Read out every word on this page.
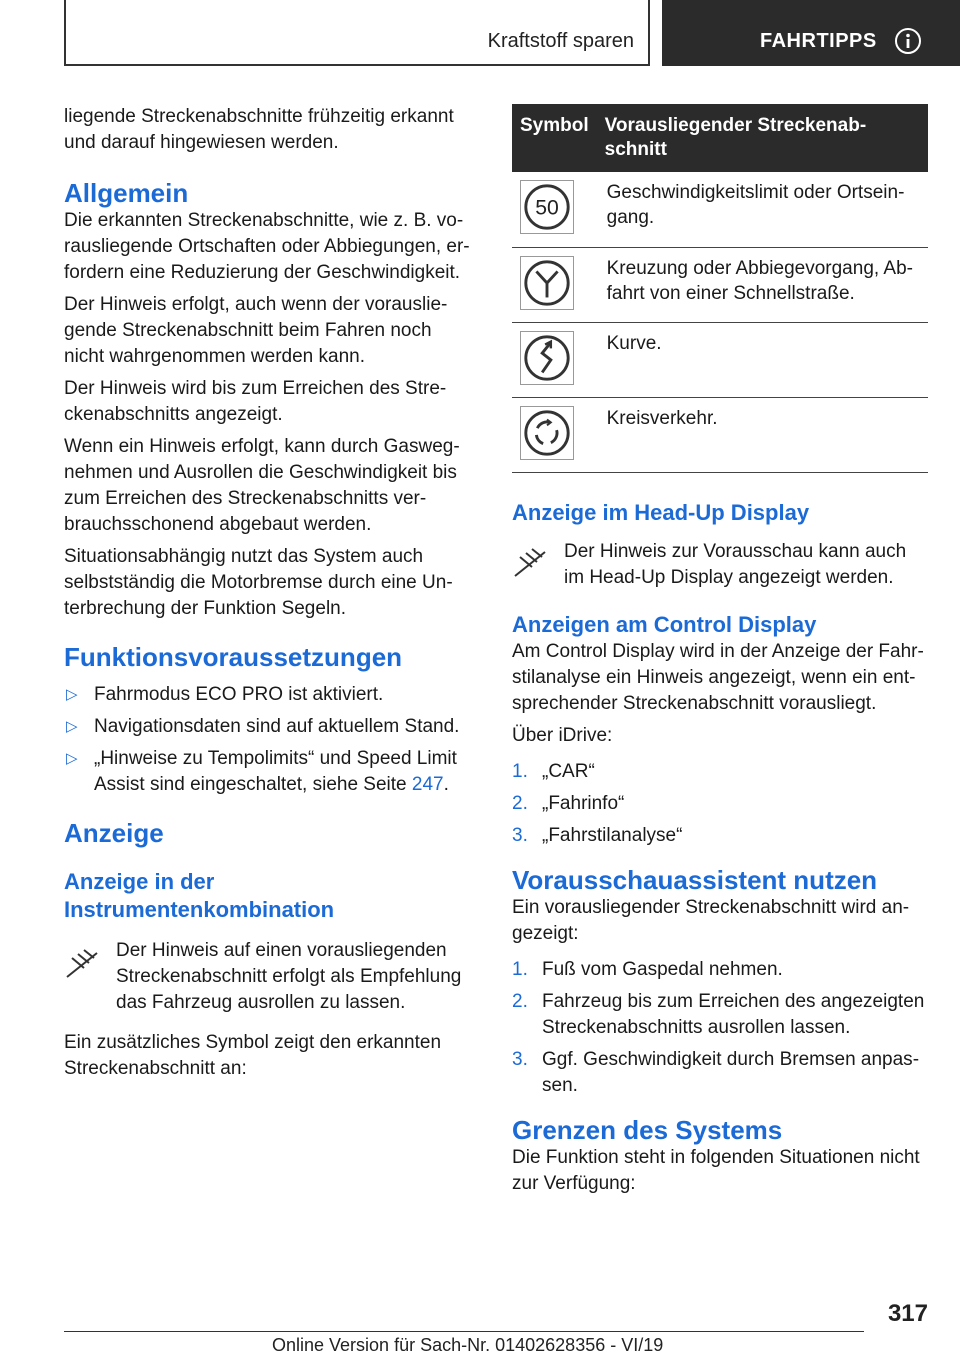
Kraftstoff sparen	FAHRTIPPS

liegende Streckenabschnitte frühzeitig erkannt und darauf hingewiesen werden.

Allgemein

Die erkannten Streckenabschnitte, wie z. B. vorausliegende Ortschaften oder Abbiegungen, erfordern eine Reduzierung der Geschwindigkeit.

Der Hinweis erfolgt, auch wenn der vorausliegende Streckenabschnitt beim Fahren noch nicht wahrgenommen werden kann.

Der Hinweis wird bis zum Erreichen des Streckenabschnitts angezeigt.

Wenn ein Hinweis erfolgt, kann durch Gaswegnehmen und Ausrollen die Geschwindigkeit bis zum Erreichen des Streckenabschnitts verbrauchsschonend abgebaut werden.

Situationsabhängig nutzt das System auch selbstständig die Motorbremse durch eine Unterbrechung der Funktion Segeln.

Funktionsvoraussetzungen
▷ Fahrmodus ECO PRO ist aktiviert.
▷ Navigationsdaten sind auf aktuellem Stand.
▷ „Hinweise zu Tempolimits“ und Speed Limit Assist sind eingeschaltet, siehe Seite 247.
Anzeige
Anzeige in der Instrumentenkombination

Der Hinweis auf einen vorausliegenden Streckenabschnitt erfolgt als Empfehlung das Fahrzeug ausrollen zu lassen.

Ein zusätzliches Symbol zeigt den erkannten Streckenabschnitt an:

Symbol	Vorausliegender Streckenabschnitt

50	Geschwindigkeitslimit oder Ortseingang.
	Kreuzung oder Abbiegevorgang, Abfahrt von einer Schnellstraße.
	Kurve.
	Kreisverkehr.
Anzeige im Head-Up Display

Der Hinweis zur Vorausschau kann auch im Head-Up Display angezeigt werden.

Anzeigen am Control Display

Am Control Display wird in der Anzeige der Fahrstilanalyse ein Hinweis angezeigt, wenn ein entsprechender Streckenabschnitt vorausliegt.

Über iDrive:

1. „CAR“
2. „Fahrinfo“
3. „Fahrstilanalyse“
Vorausschauassistent nutzen

Ein vorausliegender Streckenabschnitt wird angezeigt:

1. Fuß vom Gaspedal nehmen.
2. Fahrzeug bis zum Erreichen des angezeigten Streckenabschnitts ausrollen lassen.
3. Ggf. Geschwindigkeit durch Bremsen anpassen.
Grenzen des Systems

Die Funktion steht in folgenden Situationen nicht zur Verfügung:

317
Online Version für Sach-Nr. 01402628356 - VI/19
